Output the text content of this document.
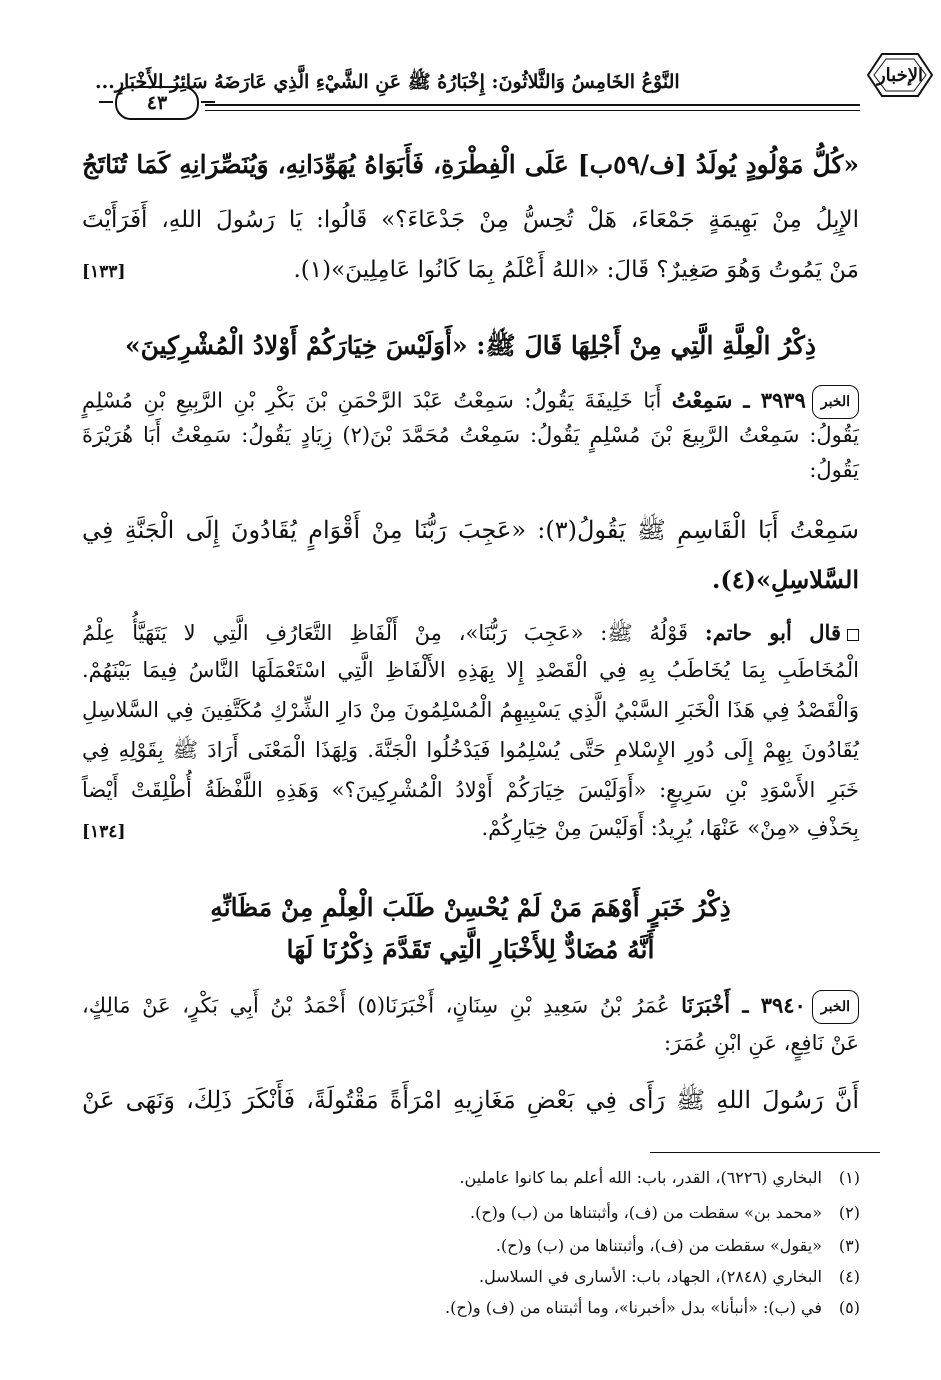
النَّوْعُ الخَامِسُ وَالثَّلاثُونَ: إِخْبَارُهُ ﷺ عَنِ الشَّيْءِ الَّذِي عَارَضَهُ سَائِرُ الأَخْبَارِ...	الإخبار
٤٣
«كُلُّ مَوْلُودٍ يُولَدُ [ف/٥٩ب] عَلَى الْفِطْرَةِ، فَأَبَوَاهُ يُهَوِّدَانِهِ، وَيُنَصِّرَانِهِ كَمَا تُنَاتَجُ
الإِبِلُ مِنْ بَهِيمَةٍ جَمْعَاءَ، هَلْ تُحِسُّ مِنْ جَدْعَاءَ؟» قَالُوا: يَا رَسُولَ اللهِ، أَفَرَأَيْتَ
مَنْ يَمُوتُ وَهُوَ صَغِيرٌ؟ قَالَ: «اللهُ أَعْلَمُ بِمَا كَانُوا عَامِلِينَ»(١).
[١٣٣]
ذِكْرُ الْعِلَّةِ الَّتِي مِنْ أَجْلِهَا قَالَ ﷺ: «أَوَلَيْسَ خِيَارَكُمْ أَوْلادُ الْمُشْرِكِينَ»
الخبر٣٩٣٩ ـ سَمِعْتُ أَبَا خَلِيفَةَ يَقُولُ: سَمِعْتُ عَبْدَ الرَّحْمَنِ بْنَ بَكْرِ بْنِ الرَّبِيعِ بْنِ مُسْلِمٍ
يَقُولُ: سَمِعْتُ الرَّبِيعَ بْنَ مُسْلِمٍ يَقُولُ: سَمِعْتُ مُحَمَّدَ بْنَ(٢) زِيَادٍ يَقُولُ: سَمِعْتُ أَبَا هُرَيْرَةَ
يَقُولُ:
سَمِعْتُ أَبَا الْقَاسِمِ ﷺ يَقُولُ(٣): «عَجِبَ رَبُّنَا مِنْ أَقْوَامٍ يُقَادُونَ إِلَى الْجَنَّةِ فِي
السَّلاسِلِ»(٤).
قال أبو حاتم: قَوْلُهُ ﷺ: «عَجِبَ رَبُّنَا»، مِنْ أَلْفَاظِ التَّعَارُفِ الَّتِي لا يَتَهَيَّأُ عِلْمُ
الْمُخَاطَبِ بِمَا يُخَاطَبُ بِهِ فِي الْقَصْدِ إِلا بِهَذِهِ الأَلْفَاظِ الَّتِي اسْتَعْمَلَهَا النَّاسُ فِيمَا بَيْنَهُمْ.
وَالْقَصْدُ فِي هَذَا الْخَبَرِ السَّبْيُ الَّذِي يَسْبِيهِمُ الْمُسْلِمُونَ مِنْ دَارِ الشِّرْكِ مُكَتَّفِينَ فِي السَّلاسِلِ
يُقَادُونَ بِهِمْ إِلَى دُورِ الإِسْلامِ حَتَّى يُسْلِمُوا فَيَدْخُلُوا الْجَنَّةَ. وَلِهَذَا الْمَعْنَى أَرَادَ ﷺ بِقَوْلِهِ فِي
خَبَرِ الأَسْوَدِ بْنِ سَرِيعٍ: «أَوَلَيْسَ خِيَارَكُمْ أَوْلادُ الْمُشْرِكِينَ؟» وَهَذِهِ اللَّفْظَةُ أُطْلِقَتْ أَيْضاً
بِحَذْفِ «مِنْ» عَنْهَا، يُرِيدُ: أَوَلَيْسَ مِنْ خِيَارِكُمْ.
[١٣٤]
ذِكْرُ خَبَرٍ أَوْهَمَ مَنْ لَمْ يُحْسِنْ طَلَبَ الْعِلْمِ مِنْ مَظَانِّهِ
أَنَّهُ مُضَادٌّ لِلأَخْبَارِ الَّتِي تَقَدَّمَ ذِكْرُنَا لَهَا
الخبر٣٩٤٠ ـ أَخْبَرَنَا عُمَرُ بْنُ سَعِيدِ بْنِ سِنَانٍ، أَخْبَرَنَا(٥) أَحْمَدُ بْنُ أَبِي بَكْرٍ، عَنْ مَالِكٍ،
عَنْ نَافِعٍ، عَنِ ابْنِ عُمَرَ:
أَنَّ رَسُولَ اللهِ ﷺ رَأَى فِي بَعْضِ مَغَازِيهِ امْرَأَةً مَقْتُولَةً، فَأَنْكَرَ ذَلِكَ، وَنَهَى عَنْ
(١)البخاري (٦٢٢٦)، القدر، باب: الله أعلم بما كانوا عاملين.
(٢)«محمد بن» سقطت من (ف)، وأثبتناها من (ب) و(ح).
(٣)«يقول» سقطت من (ف)، وأثبتناها من (ب) و(ح).
(٤)البخاري (٢٨٤٨)، الجهاد، باب: الأسارى في السلاسل.
(٥)في (ب): «أنبأنا» بدل «أخبرنا»، وما أثبتناه من (ف) و(ح).
